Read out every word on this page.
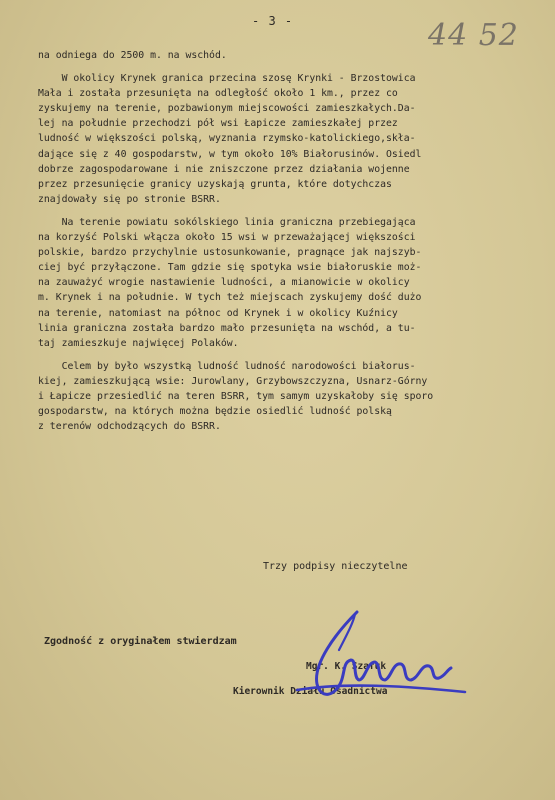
- 3 -	44 52
na odniega do 2500 m. na wschód.
W okolicy Krynek granica przecina szosę Krynki - Brzostowica
Mała i została przesunięta na odległość około 1 km., przez co
zyskujemy na terenie, pozbawionym miejscowości zamieszkałych.Da-
lej na południe przechodzi pół wsi Łapicze zamieszkałej przez
ludność w większości polską, wyznania rzymsko-katolickiego,skła-
dające się z 40 gospodarstw, w tym około 10% Białorusinów. Osiedl
dobrze zagospodarowane i nie zniszczone przez działania wojenne
przez przesunięcie granicy uzyskają grunta, które dotychczas
znajdowały się po stronie BSRR.
Na terenie powiatu sokólskiego linia graniczna przebiegająca
na korzyść Polski włącza około 15 wsi w przeważającej większości
polskie, bardzo przychylnie ustosunkowanie, pragnące jak najszyb-
ciej być przyłączone. Tam gdzie się spotyka wsie białoruskie moż-
na zauważyć wrogie nastawienie ludności, a mianowicie w okolicy
m. Krynek i na południe. W tych też miejscach zyskujemy dość dużo
na terenie, natomiast na północ od Krynek i w okolicy Kuźnicy
linia graniczna została bardzo mało przesunięta na wschód, a tu-
taj zamieszkuje najwięcej Polaków.
Celem by było wszystką ludność ludność narodowości białorus-
kiej, zamieszkującą wsie: Jurowlany, Grzybowszczyzna, Usnarz-Górny
i Łapicze przesiedlić na teren BSRR, tym samym uzyskałoby się sporo
gospodarstw, na których można będzie osiedlić ludność polską
z terenów odchodzących do BSRR.
Trzy podpisy nieczytelne
Zgodność z oryginałem stwierdzam
Mgr. K. Szafuk
Kierownik Działu Osadnictwa
